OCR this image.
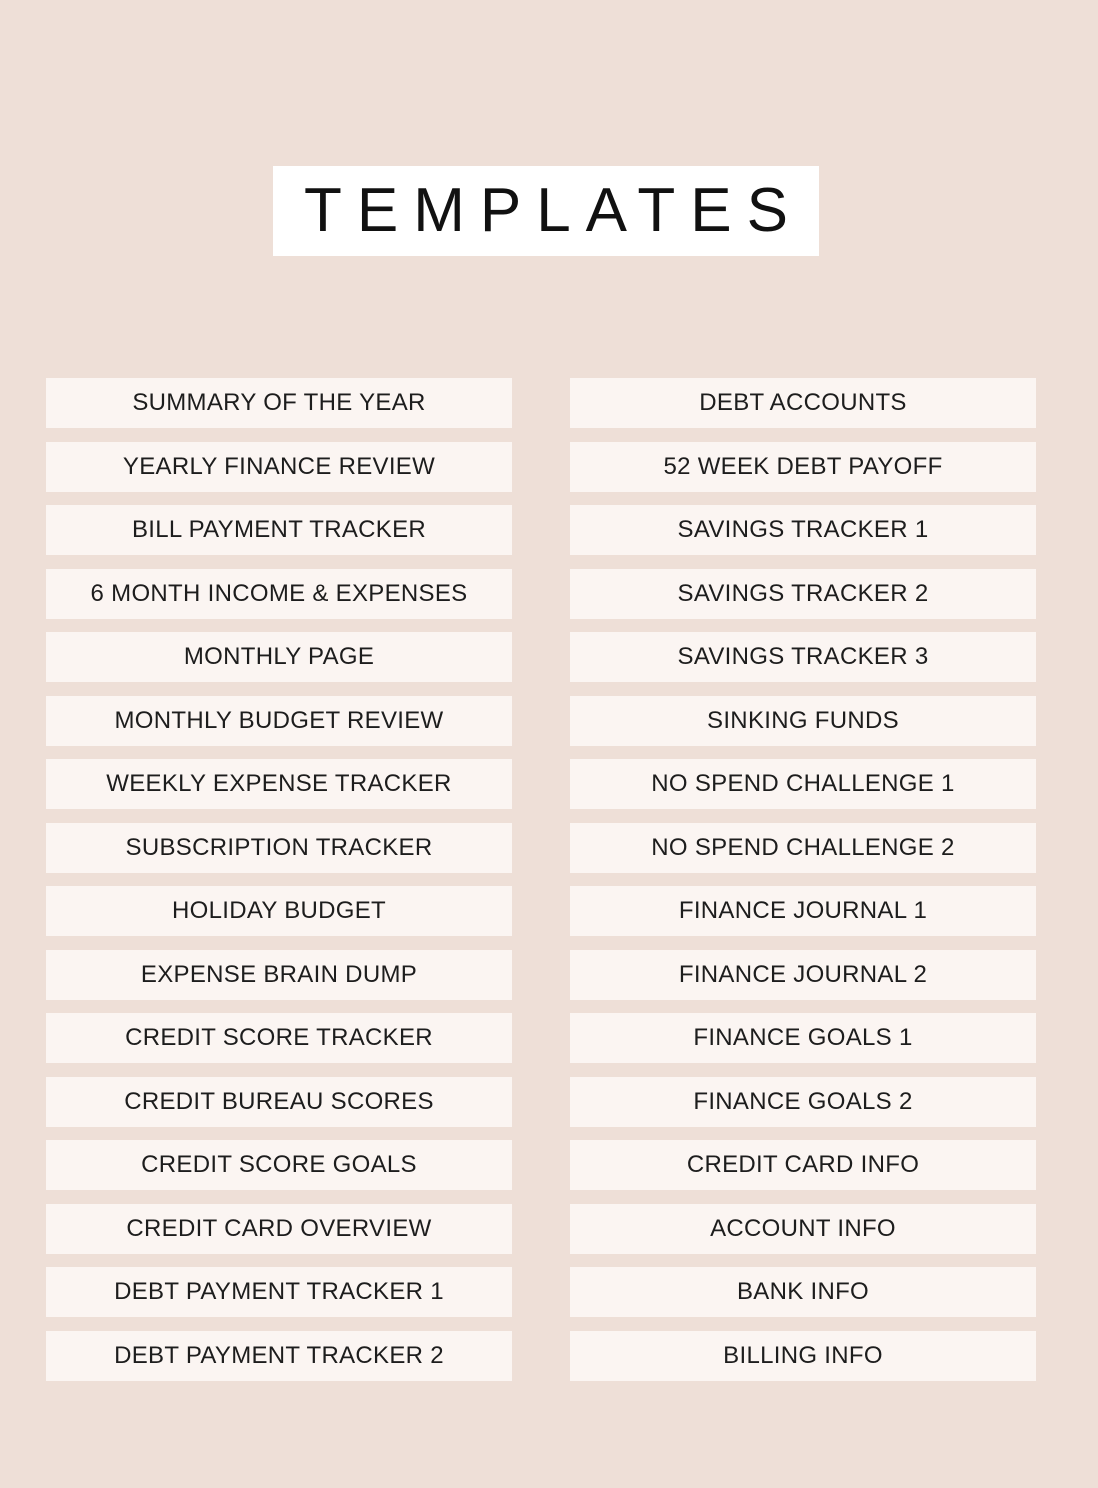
TEMPLATES
SUMMARY OF THE YEAR
YEARLY FINANCE REVIEW
BILL PAYMENT TRACKER
6 MONTH INCOME & EXPENSES
MONTHLY PAGE
MONTHLY BUDGET REVIEW
WEEKLY EXPENSE TRACKER
SUBSCRIPTION TRACKER
HOLIDAY BUDGET
EXPENSE BRAIN DUMP
CREDIT SCORE TRACKER
CREDIT BUREAU SCORES
CREDIT SCORE GOALS
CREDIT CARD OVERVIEW
DEBT PAYMENT TRACKER 1
DEBT PAYMENT TRACKER 2
DEBT ACCOUNTS
52 WEEK DEBT PAYOFF
SAVINGS TRACKER 1
SAVINGS TRACKER 2
SAVINGS TRACKER 3
SINKING FUNDS
NO SPEND CHALLENGE 1
NO SPEND CHALLENGE 2
FINANCE JOURNAL 1
FINANCE JOURNAL 2
FINANCE GOALS 1
FINANCE GOALS 2
CREDIT CARD INFO
ACCOUNT INFO
BANK INFO
BILLING INFO
